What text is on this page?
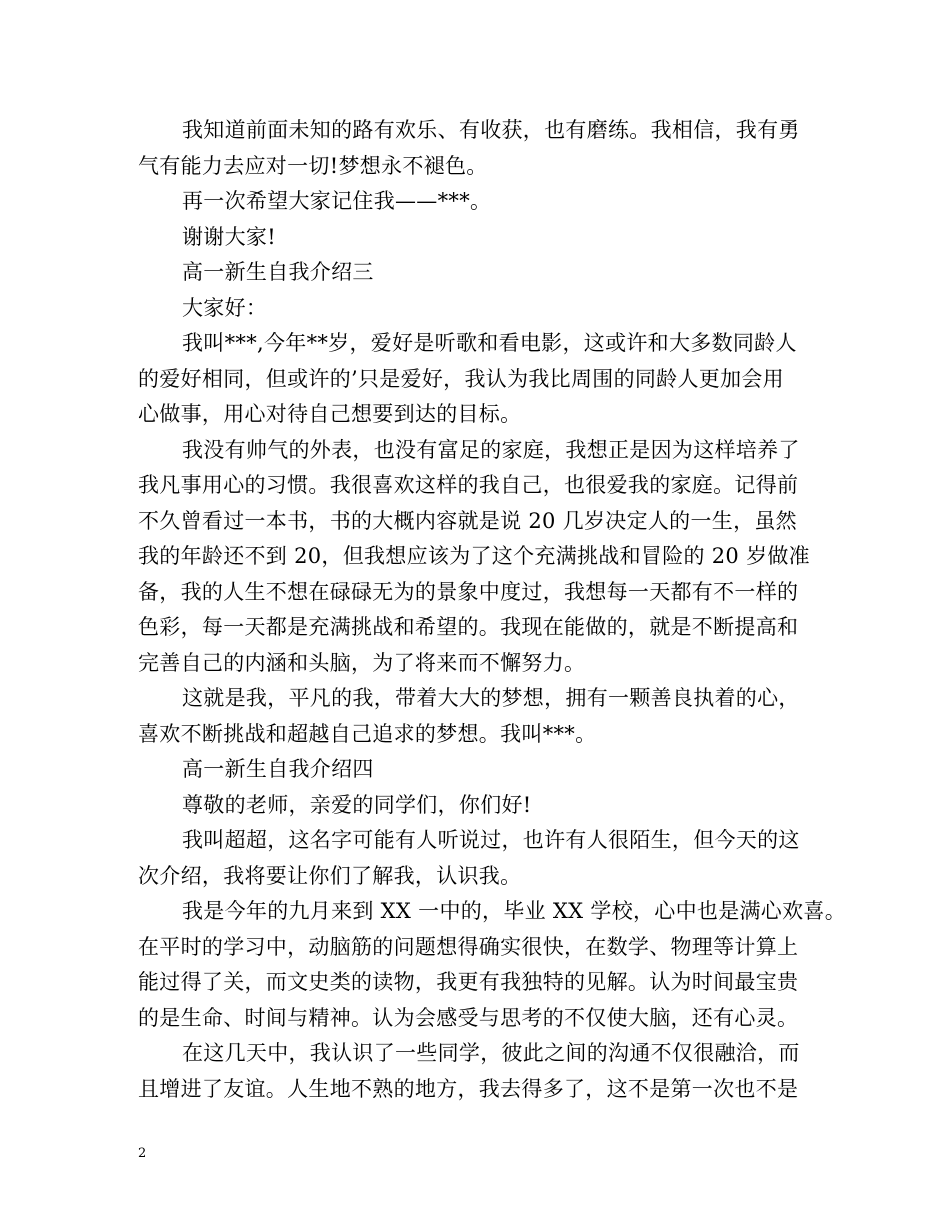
我知道前面未知的路有欢乐、有收获，也有磨练。我相信，我有勇
气有能力去应对一切!梦想永不褪色。
再一次希望大家记住我——***。
谢谢大家!
高一新生自我介绍三
大家好：
我叫***,今年**岁，爱好是听歌和看电影，这或许和大多数同龄人
的爱好相同，但或许的’只是爱好，我认为我比周围的同龄人更加会用
心做事，用心对待自己想要到达的目标。
我没有帅气的外表，也没有富足的家庭，我想正是因为这样培养了
我凡事用心的习惯。我很喜欢这样的我自己，也很爱我的家庭。记得前
不久曾看过一本书，书的大概内容就是说 20 几岁决定人的一生，虽然
我的年龄还不到 20，但我想应该为了这个充满挑战和冒险的 20 岁做准
备，我的人生不想在碌碌无为的景象中度过，我想每一天都有不一样的
色彩，每一天都是充满挑战和希望的。我现在能做的，就是不断提高和
完善自己的内涵和头脑，为了将来而不懈努力。
这就是我，平凡的我，带着大大的梦想，拥有一颗善良执着的心，
喜欢不断挑战和超越自己追求的梦想。我叫***。
高一新生自我介绍四
尊敬的老师，亲爱的同学们，你们好!
我叫超超，这名字可能有人听说过，也许有人很陌生，但今天的这
次介绍，我将要让你们了解我，认识我。
我是今年的九月来到 XX 一中的，毕业 XX 学校，心中也是满心欢喜。
在平时的学习中，动脑筋的问题想得确实很快，在数学、物理等计算上
能过得了关，而文史类的读物，我更有我独特的见解。认为时间最宝贵
的是生命、时间与精神。认为会感受与思考的不仅使大脑，还有心灵。
在这几天中，我认识了一些同学，彼此之间的沟通不仅很融洽，而
且增进了友谊。人生地不熟的地方，我去得多了，这不是第一次也不是
2
